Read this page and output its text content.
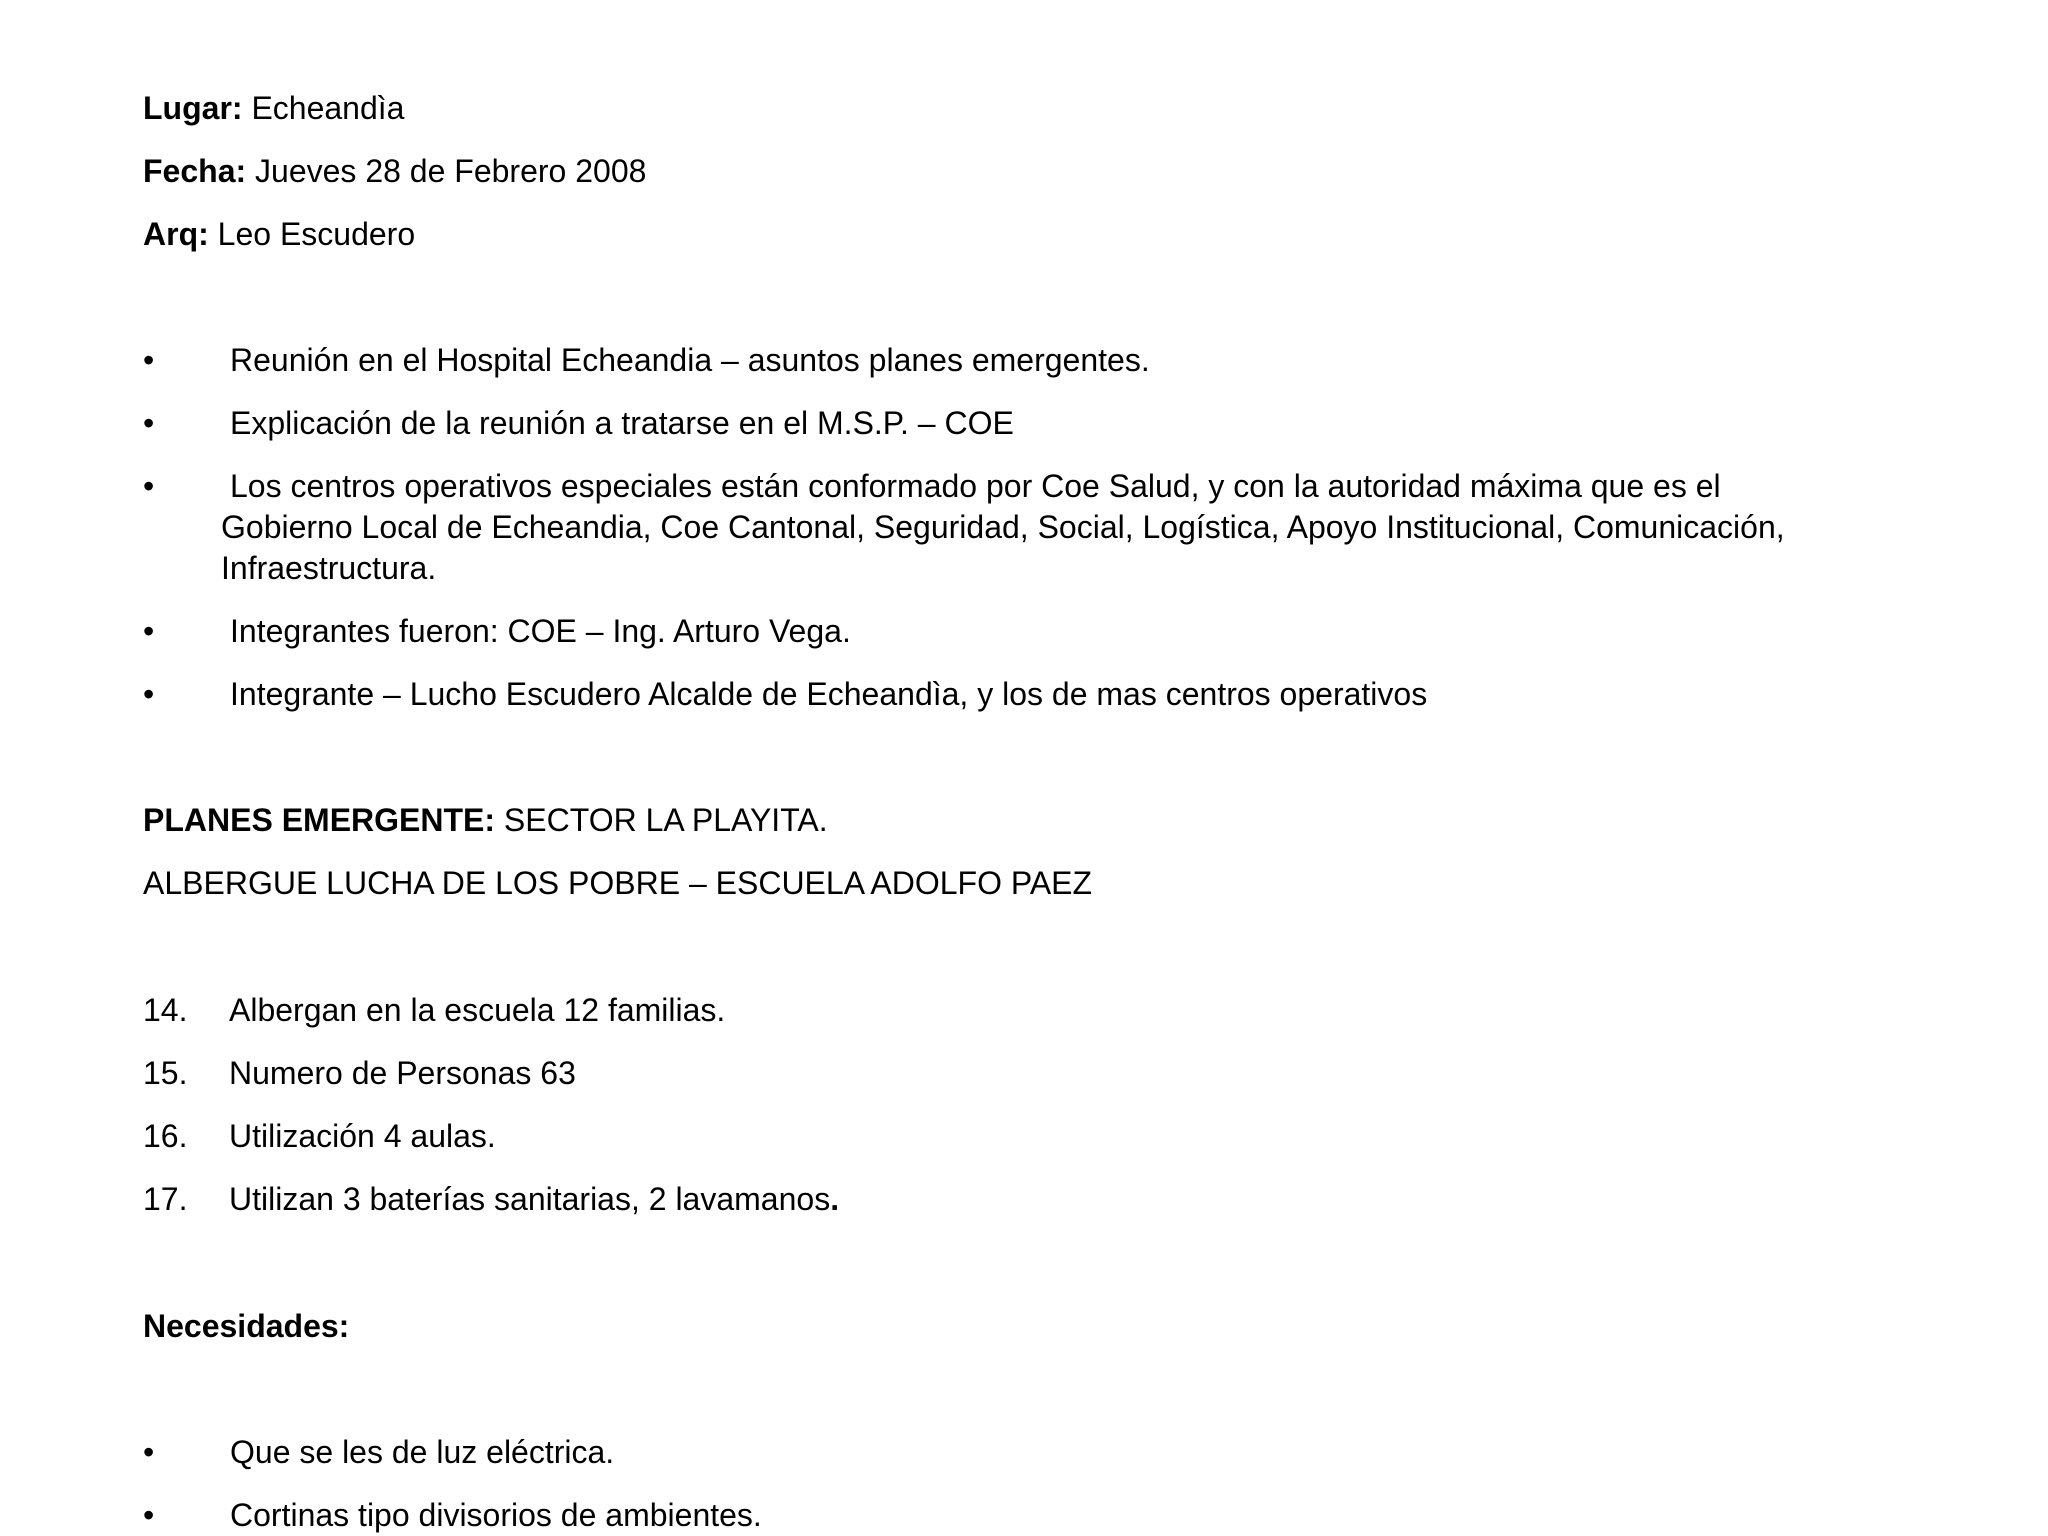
Lugar: Echeandìa
Fecha: Jueves 28 de Febrero 2008
Arq: Leo Escudero
•	Reunión en el Hospital Echeandia – asuntos planes emergentes.
•	Explicación de la reunión a tratarse en el M.S.P. – COE
•	Los centros operativos especiales están conformado por Coe Salud, y con la autoridad máxima que es el
Gobierno Local de Echeandia, Coe Cantonal, Seguridad, Social, Logística, Apoyo Institucional, Comunicación,
Infraestructura.
•	Integrantes fueron: COE – Ing. Arturo Vega.
•	Integrante – Lucho Escudero Alcalde de Echeandìa, y los de mas centros operativos
PLANES EMERGENTE: SECTOR LA PLAYITA.
ALBERGUE LUCHA DE LOS POBRE – ESCUELA ADOLFO PAEZ
14. Albergan en la escuela 12 familias.
15. Numero de Personas 63
16. Utilización 4 aulas.
17. Utilizan 3 baterías sanitarias, 2 lavamanos.
Necesidades:
•	Que se les de luz eléctrica.
•	Cortinas tipo divisorios de ambientes.
